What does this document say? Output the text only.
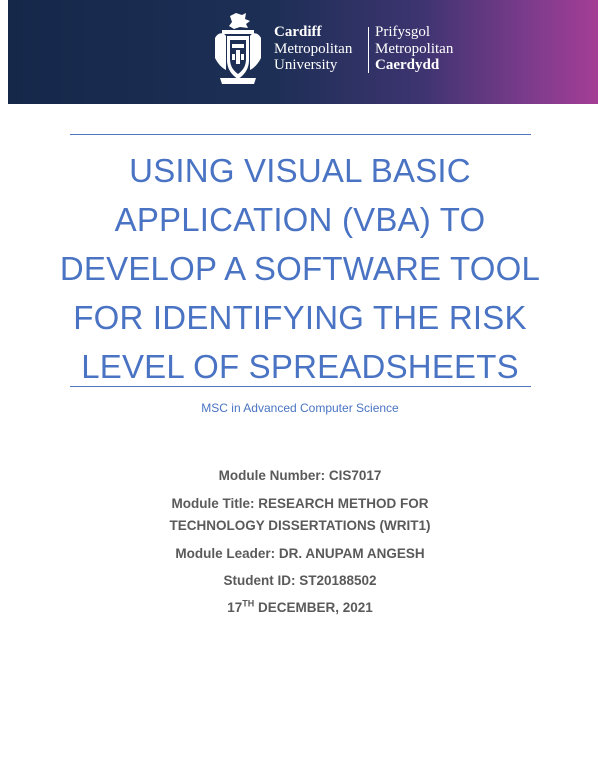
Cardiff
Metropolitan
University
Prifysgol
Metropolitan
Caerdydd
USING VISUAL BASIC
APPLICATION (VBA) TO
DEVELOP A SOFTWARE TOOL
FOR IDENTIFYING THE RISK
LEVEL OF SPREADSHEETS
MSC in Advanced Computer Science
Module Number: CIS7017
Module Title: RESEARCH METHOD FOR
TECHNOLOGY DISSERTATIONS (WRIT1)
Module Leader: DR. ANUPAM ANGESH
Student ID: ST20188502
17TH DECEMBER, 2021
